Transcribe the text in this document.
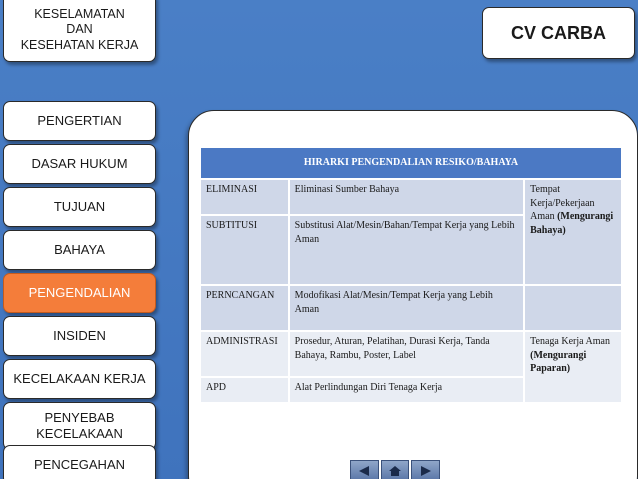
KESELAMATAN
DAN
KESEHATAN KERJA
CV CARBA
PENGERTIAN
DASAR HUKUM
TUJUAN
BAHAYA
PENGENDALIAN
INSIDEN
KECELAKAAN KERJA
PENYEBAB
KECELAKAAN
PENCEGAHAN
HIRARKI PENGENDALIAN RESIKO/BAHAYA		
ELIMINASI	Eliminasi Sumber Bahaya	Tempat Kerja/Pekerjaan Aman (Mengurangi Bahaya)
SUBTITUSI	Substitusi Alat/Mesin/Bahan/Tempat Kerja yang Lebih Aman	
PERNCANGAN	Modofikasi Alat/Mesin/Tempat Kerja yang Lebih Aman	
ADMINISTRASI	Prosedur, Aturan, Pelatihan, Durasi Kerja, Tanda Bahaya, Rambu, Poster, Label	Tenaga Kerja Aman (Mengurangi Paparan)
APD	Alat Perlindungan Diri Tenaga Kerja	
